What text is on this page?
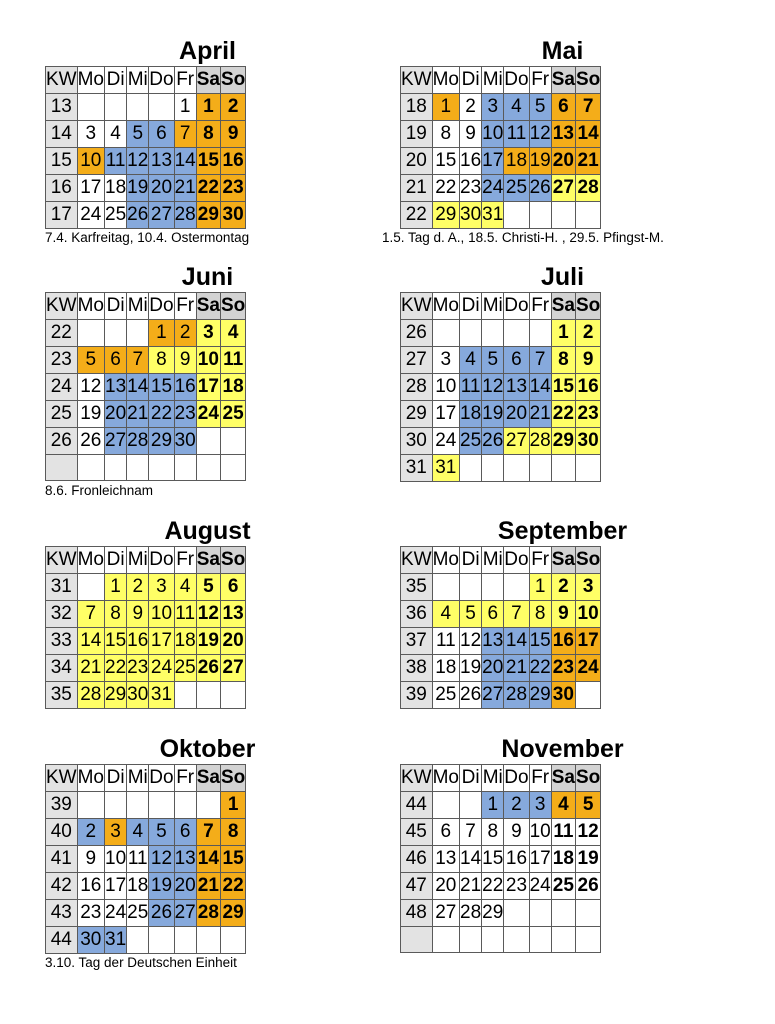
April
KW	Mo	Di	Mi	Do	Fr	Sa	So
13					1	1	2
14	3	4	5	6	7	8	9
15	10	11	12	13	14	15	16
16	17	18	19	20	21	22	23
17	24	25	26	27	28	29	30
7.4. Karfreitag, 10.4. Ostermontag
Mai
KW	Mo	Di	Mi	Do	Fr	Sa	So
18	1	2	3	4	5	6	7
19	8	9	10	11	12	13	14
20	15	16	17	18	19	20	21
21	22	23	24	25	26	27	28
22	29	30	31				
1.5. Tag d. A., 18.5. Christi-H. , 29.5. Pfingst-M.
Juni
KW	Mo	Di	Mi	Do	Fr	Sa	So
22				1	2	3	4
23	5	6	7	8	9	10	11
24	12	13	14	15	16	17	18
25	19	20	21	22	23	24	25
26	26	27	28	29	30		

8.6. Fronleichnam
Juli
KW	Mo	Di	Mi	Do	Fr	Sa	So
26						1	2
27	3	4	5	6	7	8	9
28	10	11	12	13	14	15	16
29	17	18	19	20	21	22	23
30	24	25	26	27	28	29	30
31	31						
August
KW	Mo	Di	Mi	Do	Fr	Sa	So
31		1	2	3	4	5	6
32	7	8	9	10	11	12	13
33	14	15	16	17	18	19	20
34	21	22	23	24	25	26	27
35	28	29	30	31			
September
KW	Mo	Di	Mi	Do	Fr	Sa	So
35					1	2	3
36	4	5	6	7	8	9	10
37	11	12	13	14	15	16	17
38	18	19	20	21	22	23	24
39	25	26	27	28	29	30	
Oktober
KW	Mo	Di	Mi	Do	Fr	Sa	So
39							1
40	2	3	4	5	6	7	8
41	9	10	11	12	13	14	15
42	16	17	18	19	20	21	22
43	23	24	25	26	27	28	29
44	30	31					
3.10. Tag der Deutschen Einheit
November
KW	Mo	Di	Mi	Do	Fr	Sa	So
44			1	2	3	4	5
45	6	7	8	9	10	11	12
46	13	14	15	16	17	18	19
47	20	21	22	23	24	25	26
48	27	28	29				
